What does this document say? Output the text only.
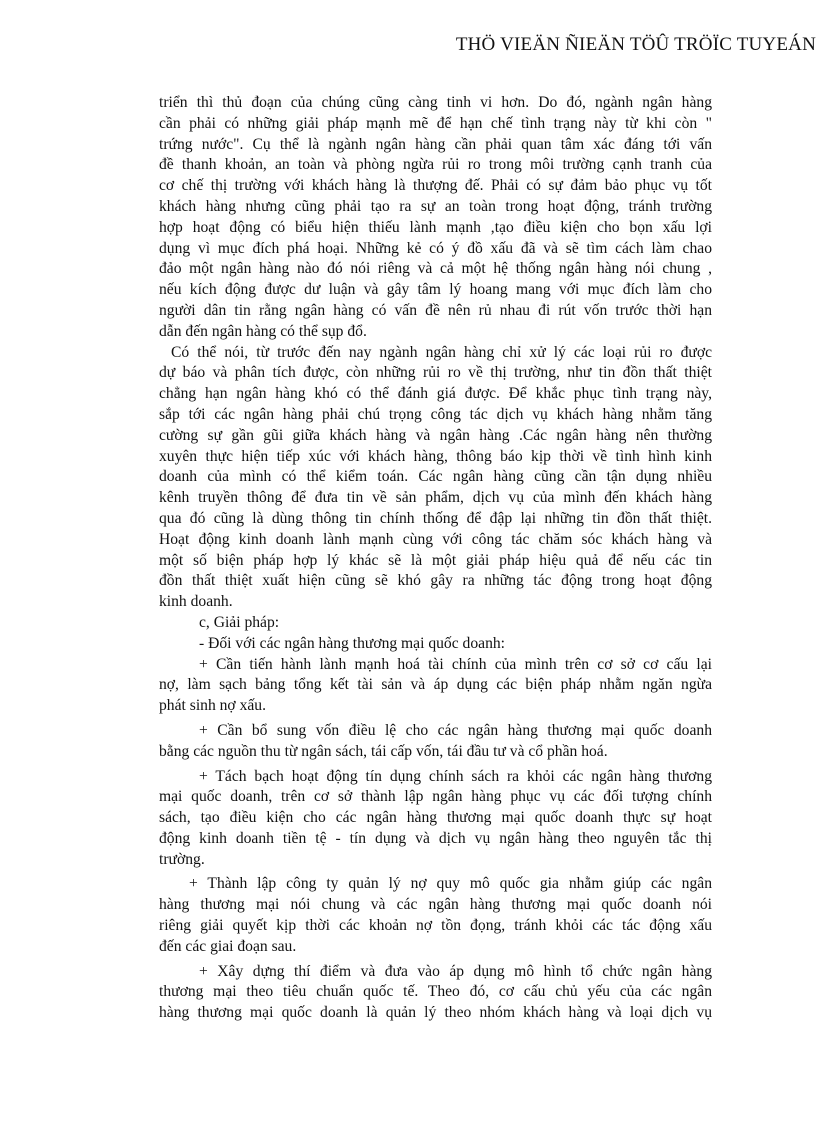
THÖ VIEÄN ÑIEÄN TÖÛ TRÖÏC TUYEÁN
triển thì thủ đoạn của chúng cũng càng tinh vi hơn. Do đó, ngành ngân hàng
cần phải có những giải pháp mạnh mẽ để hạn chế tình trạng này từ khi còn "
trứng nước". Cụ thể là ngành ngân hàng cần phải quan tâm xác đáng tới vấn
đề thanh khoản, an toàn và phòng ngừa rủi ro trong môi trường cạnh tranh của
cơ chế thị trường với khách hàng là thượng đế. Phải có sự đảm bảo phục vụ tốt
khách hàng nhưng cũng phải tạo ra sự an toàn trong hoạt động, tránh trường
hợp hoạt động có biểu hiện thiếu lành mạnh ,tạo điều kiện cho bọn xấu lợi
dụng vì mục đích phá hoại. Những kẻ có ý đồ xấu đã và sẽ tìm cách làm chao
đảo một ngân hàng nào đó nói riêng và cả một hệ thống ngân hàng nói chung ,
nếu kích động được dư luận và gây tâm lý hoang mang với mục đích làm cho
người dân tin rằng ngân hàng có vấn đề nên rủ nhau đi rút vốn trước thời hạn
dẫn đến ngân hàng có thể sụp đổ.
Có thể nói, từ trước đến nay ngành ngân hàng chỉ xử lý các loại rủi ro được
dự báo và phân tích được, còn những rủi ro về thị trường, như tin đồn thất thiệt
chẳng hạn ngân hàng khó có thể đánh giá được. Để khắc phục tình trạng này,
sắp tới các ngân hàng phải chú trọng công tác dịch vụ khách hàng nhằm tăng
cường sự gần gũi giữa khách hàng và ngân hàng .Các ngân hàng nên thường
xuyên thực hiện tiếp xúc với khách hàng, thông báo kịp thời về tình hình kinh
doanh của mình có thể kiểm toán. Các ngân hàng cũng cần tận dụng nhiều
kênh truyền thông để đưa tin về sản phẩm, dịch vụ của mình đến khách hàng
qua đó cũng là dùng thông tin chính thống để đập lại những tin đồn thất thiệt.
Hoạt động kinh doanh lành mạnh cùng với công tác chăm sóc khách hàng và
một số biện pháp hợp lý khác sẽ là một giải pháp hiệu quả để nếu các tin
đồn thất thiệt xuất hiện cũng sẽ khó gây ra những tác động trong hoạt động
kinh doanh.
c, Giải pháp:
- Đối với các ngân hàng thương mại quốc doanh:
+ Cần tiến hành lành mạnh hoá tài chính của mình trên cơ sở cơ cấu lại
nợ, làm sạch bảng tổng kết tài sản và áp dụng các biện pháp nhằm ngăn ngừa
phát sinh nợ xấu.
+ Cần bổ sung vốn điều lệ cho các ngân hàng thương mại quốc doanh
bằng các nguồn thu từ ngân sách, tái cấp vốn, tái đầu tư và cổ phần hoá.
+ Tách bạch hoạt động tín dụng chính sách ra khỏi các ngân hàng thương
mại quốc doanh, trên cơ sở thành lập ngân hàng phục vụ các đối tượng chính
sách, tạo điều kiện cho các ngân hàng thương mại quốc doanh thực sự hoạt
động kinh doanh tiền tệ - tín dụng và dịch vụ ngân hàng theo nguyên tắc thị
trường.
+ Thành lập công ty quản lý nợ quy mô quốc gia nhằm giúp các ngân
hàng thương mại nói chung và các ngân hàng thương mại quốc doanh nói
riêng giải quyết kịp thời các khoản nợ tồn đọng, tránh khỏi các tác động xấu
đến các giai đoạn sau.
+ Xây dựng thí điểm và đưa vào áp dụng mô hình tổ chức ngân hàng
thương mại theo tiêu chuẩn quốc tế. Theo đó, cơ cấu chủ yếu của các ngân
hàng thương mại quốc doanh là quản lý theo nhóm khách hàng và loại dịch vụ
